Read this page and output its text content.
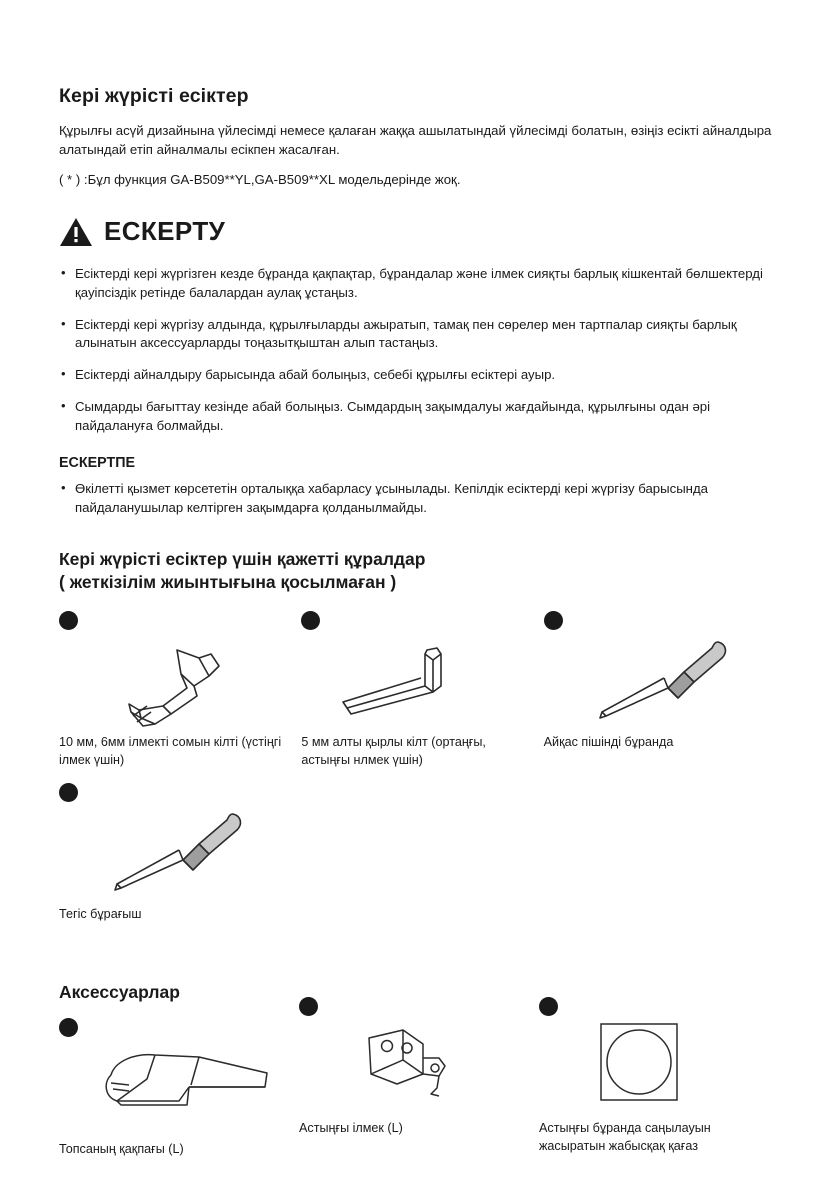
Кері жүрісті есіктер

Құрылғы асүй дизайнына үйлесімді немесе қалаған жаққа ашылатындай үйлесімді болатын, өзіңіз есікті айналдыра алатындай етіп айналмалы есікпен жасалған.

( * ) :Бұл функция GA-B509**YL,GA-B509**XL модельдерінде жоқ.

ЕСКЕРТУ
• Есіктерді кері жүргізген кезде бұранда қақпақтар, бұрандалар және ілмек сияқты барлық кішкентай бөлшектерді қауіпсіздік ретінде балалардан аулақ ұстаңыз.
• Есіктерді кері жүргізу алдында, құрылғыларды ажыратып, тамақ пен сөрелер мен тартпалар сияқты барлық алынатын аксессуарларды тоңазытқыштан алып тастаңыз.
• Есіктерді айналдыру барысында абай болыңыз, себебі құрылғы есіктері ауыр.
• Сымдарды бағыттау кезінде абай болыңыз. Сымдардың зақымдалуы жағдайында, құрылғыны одан әрі пайдалануға болмайды.
ЕСКЕРТПЕ
• Өкілетті қызмет көрсететін орталыққа хабарласу ұсынылады. Кепілдік есіктерді кері жүргізу барысында пайдаланушылар келтірген зақымдарға қолданылмайды.
Кері жүрісті есіктер үшін қажетті құралдар
( жеткізілім жиынтығына қосылмаған )
10 мм, 6мм ілмекті сомын кілті (үстіңгі ілмек үшін)
5 мм алты қырлы кілт (ортаңғы, астыңғы нлмек үшін)
Айқас пішінді бұранда
Тегіс бұрағыш
Аксессуарлар
Топсаның қақпағы (L)
Астыңғы ілмек (L)	Астыңғы бұранда саңылауын жасыратын жабысқақ қағаз
